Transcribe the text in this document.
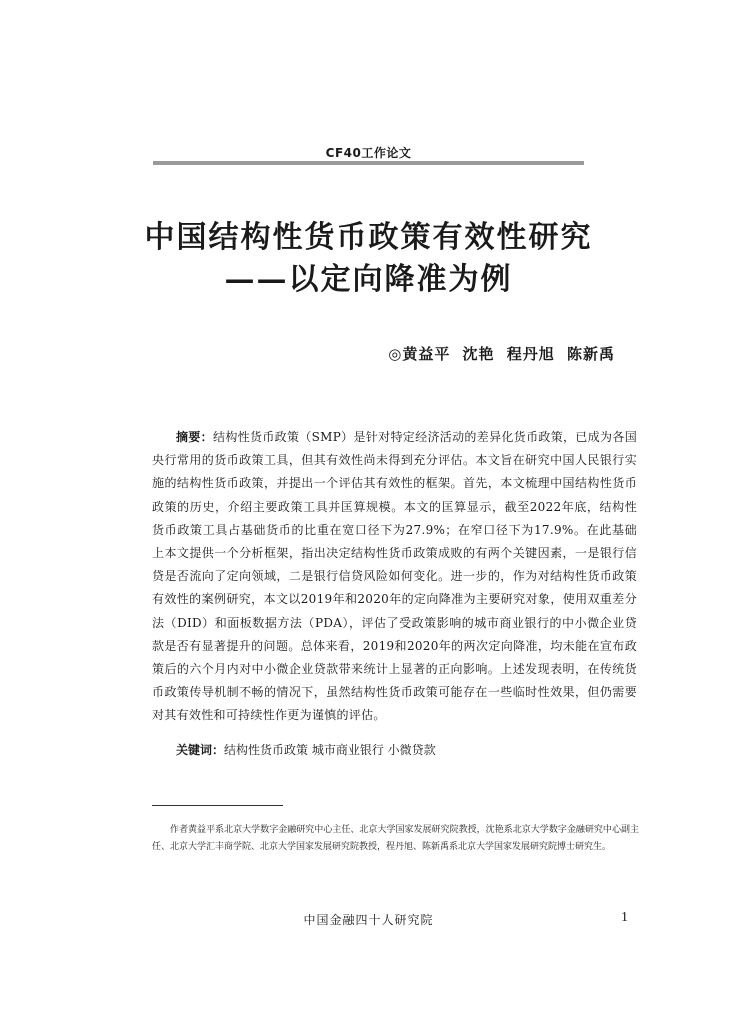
CF40工作论文
中国结构性货币政策有效性研究
——以定向降准为例
◎黄益平 沈艳 程丹旭 陈新禹

摘要：结构性货币政策（SMP）是针对特定经济活动的差异化货币政策，已成为各国央行常用的货币政策工具，但其有效性尚未得到充分评估。本文旨在研究中国人民银行实施的结构性货币政策，并提出一个评估其有效性的框架。首先，本文梳理中国结构性货币政策的历史，介绍主要政策工具并匡算规模。本文的匡算显示，截至2022年底，结构性货币政策工具占基础货币的比重在宽口径下为27.9%；在窄口径下为17.9%。在此基础上本文提供一个分析框架，指出决定结构性货币政策成败的有两个关键因素，一是银行信贷是否流向了定向领域，二是银行信贷风险如何变化。进一步的，作为对结构性货币政策有效性的案例研究，本文以2019年和2020年的定向降准为主要研究对象，使用双重差分法（DID）和面板数据方法（PDA），评估了受政策影响的城市商业银行的中小微企业贷款是否有显著提升的问题。总体来看，2019和2020年的两次定向降准，均未能在宣布政策后的六个月内对中小微企业贷款带来统计上显著的正向影响。上述发现表明，在传统货币政策传导机制不畅的情况下，虽然结构性货币政策可能存在一些临时性效果，但仍需要对其有效性和可持续性作更为谨慎的评估。

关键词：结构性货币政策 城市商业银行 小微贷款

作者黄益平系北京大学数字金融研究中心主任、北京大学国家发展研究院教授，沈艳系北京大学数字金融研究中心副主任、北京大学汇丰商学院、北京大学国家发展研究院教授，程丹旭、陈新禹系北京大学国家发展研究院博士研究生。

中国金融四十人研究院	1
